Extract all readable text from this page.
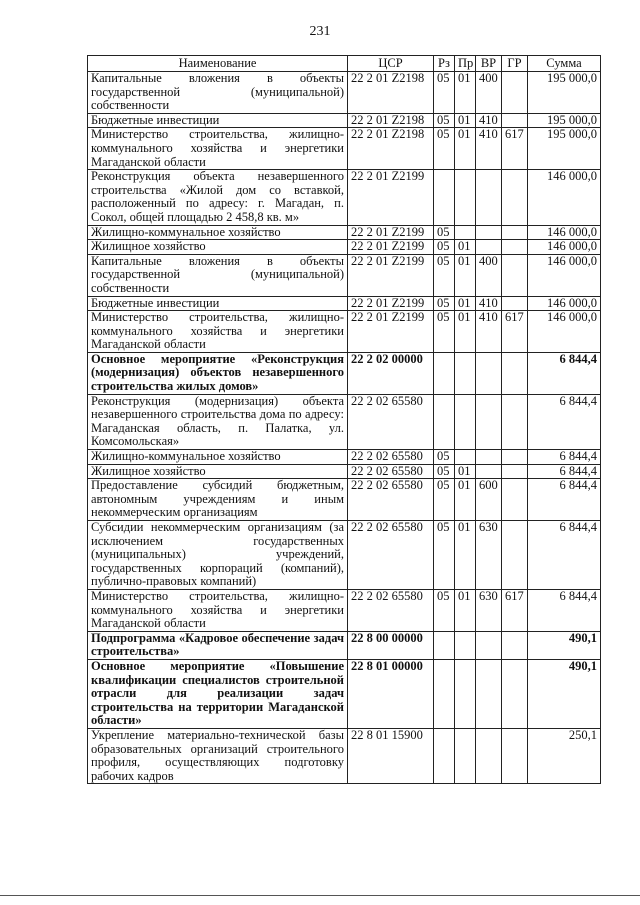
231
Наименование	ЦСР	Рз	Пр	ВР	ГР	Сумма
Капитальные вложения в объекты государственной (муниципальной) собственности	22 2 01 Z2198	05	01	400		195 000,0
Бюджетные инвестиции	22 2 01 Z2198	05	01	410		195 000,0
Министерство строительства, жилищно-коммунального хозяйства и энергетики Магаданской области	22 2 01 Z2198	05	01	410	617	195 000,0
Реконструкция объекта незавершенного строительства «Жилой дом со вставкой, расположенный по адресу: г. Магадан, п. Сокол, общей площадью 2 458,8 кв. м»	22 2 01 Z2199					146 000,0
Жилищно-коммунальное хозяйство	22 2 01 Z2199	05				146 000,0
Жилищное хозяйство	22 2 01 Z2199	05	01			146 000,0
Капитальные вложения в объекты государственной (муниципальной) собственности	22 2 01 Z2199	05	01	400		146 000,0
Бюджетные инвестиции	22 2 01 Z2199	05	01	410		146 000,0
Министерство строительства, жилищно-коммунального хозяйства и энергетики Магаданской области	22 2 01 Z2199	05	01	410	617	146 000,0
Основное мероприятие «Реконструкция (модернизация) объектов незавершенного строительства жилых домов»	22 2 02 00000					6 844,4
Реконструкция (модернизация) объекта незавершенного строительства дома по адресу: Магаданская область, п. Палатка, ул. Комсомольская»	22 2 02 65580					6 844,4
Жилищно-коммунальное хозяйство	22 2 02 65580	05				6 844,4
Жилищное хозяйство	22 2 02 65580	05	01			6 844,4
Предоставление субсидий бюджетным, автономным учреждениям и иным некоммерческим организациям	22 2 02 65580	05	01	600		6 844,4
Субсидии некоммерческим организациям (за исключением государственных (муниципальных) учреждений, государственных корпораций (компаний), публично-правовых компаний)	22 2 02 65580	05	01	630		6 844,4
Министерство строительства, жилищно-коммунального хозяйства и энергетики Магаданской области	22 2 02 65580	05	01	630	617	6 844,4
Подпрограмма «Кадровое обеспечение задач строительства»	22 8 00 00000					490,1
Основное мероприятие «Повышение квалификации специалистов строительной отрасли для реализации задач строительства на территории Магаданской области»	22 8 01 00000					490,1
Укрепление материально-технической базы образовательных организаций строительного профиля, осуществляющих подготовку рабочих кадров	22 8 01 15900					250,1
